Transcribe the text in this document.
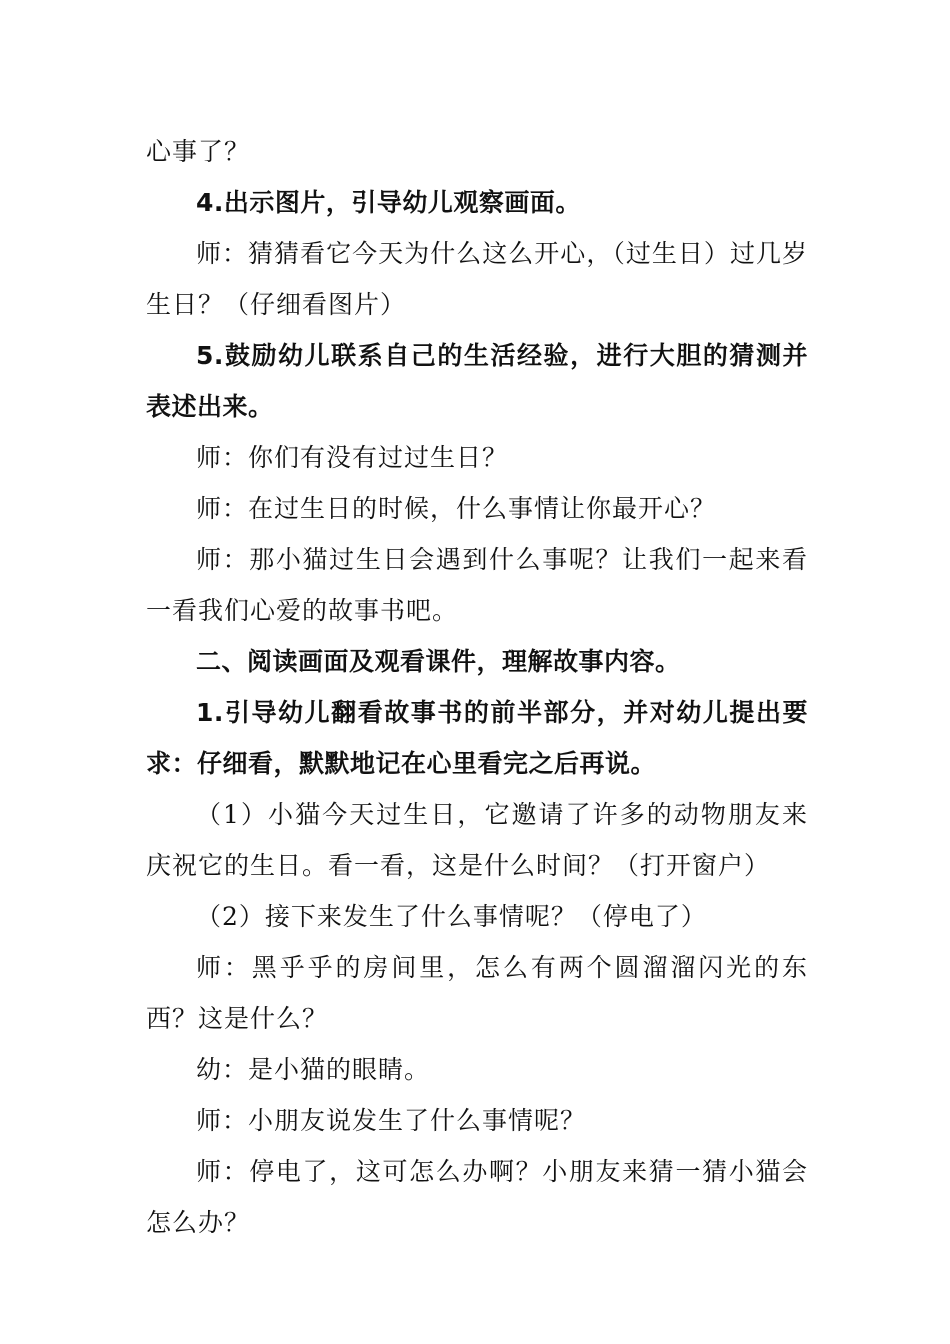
心事了？

4.出示图片，引导幼儿观察画面。

师：猜猜看它今天为什么这么开心，（过生日）过几岁生日？（仔细看图片）

5.鼓励幼儿联系自己的生活经验，进行大胆的猜测并表述出来。

师：你们有没有过过生日？

师：在过生日的时候，什么事情让你最开心？

师：那小猫过生日会遇到什么事呢？让我们一起来看一看我们心爱的故事书吧。

二、阅读画面及观看课件，理解故事内容。

1.引导幼儿翻看故事书的前半部分，并对幼儿提出要求：仔细看，默默地记在心里看完之后再说。

（1）小猫今天过生日，它邀请了许多的动物朋友来庆祝它的生日。看一看，这是什么时间？（打开窗户）

（2）接下来发生了什么事情呢？（停电了）

师：黑乎乎的房间里，怎么有两个圆溜溜闪光的东西？这是什么？

幼：是小猫的眼睛。

师：小朋友说发生了什么事情呢？

师：停电了，这可怎么办啊？小朋友来猜一猜小猫会怎么办？
